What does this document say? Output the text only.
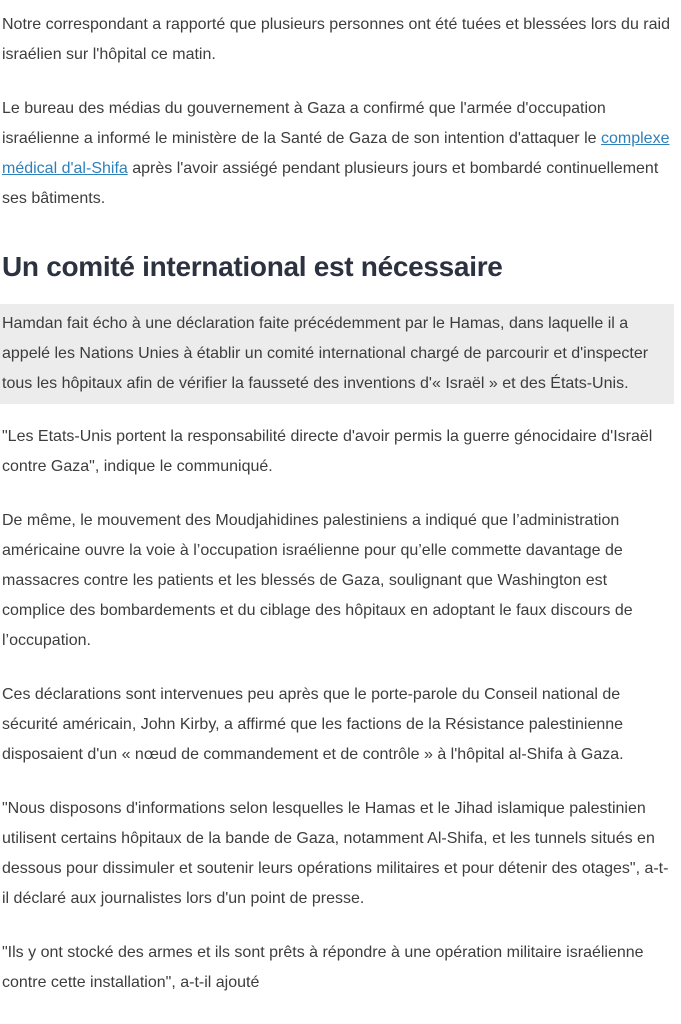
Notre correspondant a rapporté que plusieurs personnes ont été tuées et blessées lors du raid israélien sur l'hôpital ce matin.

Le bureau des médias du gouvernement à Gaza a confirmé que l'armée d'occupation israélienne a informé le ministère de la Santé de Gaza de son intention d'attaquer le complexe médical d'al-Shifa après l'avoir assiégé pendant plusieurs jours et bombardé continuellement ses bâtiments.

Un comité international est nécessaire

Hamdan fait écho à une déclaration faite précédemment par le Hamas, dans laquelle il a appelé les Nations Unies à établir un comité international chargé de parcourir et d'inspecter tous les hôpitaux afin de vérifier la fausseté des inventions d'« Israël » et des États-Unis.

"Les Etats-Unis portent la responsabilité directe d'avoir permis la guerre génocidaire d'Israël contre Gaza", indique le communiqué.

De même, le mouvement des Moudjahidines palestiniens a indiqué que l’administration américaine ouvre la voie à l’occupation israélienne pour qu’elle commette davantage de massacres contre les patients et les blessés de Gaza, soulignant que Washington est complice des bombardements et du ciblage des hôpitaux en adoptant le faux discours de l’occupation.

Ces déclarations sont intervenues peu après que le porte-parole du Conseil national de sécurité américain, John Kirby, a affirmé que les factions de la Résistance palestinienne disposaient d'un « nœud de commandement et de contrôle » à l'hôpital al-Shifa à Gaza.

"Nous disposons d'informations selon lesquelles le Hamas et le Jihad islamique palestinien utilisent certains hôpitaux de la bande de Gaza, notamment Al-Shifa, et les tunnels situés en dessous pour dissimuler et soutenir leurs opérations militaires et pour détenir des otages", a-t-il déclaré aux journalistes lors d'un point de presse.

"Ils y ont stocké des armes et ils sont prêts à répondre à une opération militaire israélienne contre cette installation", a-t-il ajouté
